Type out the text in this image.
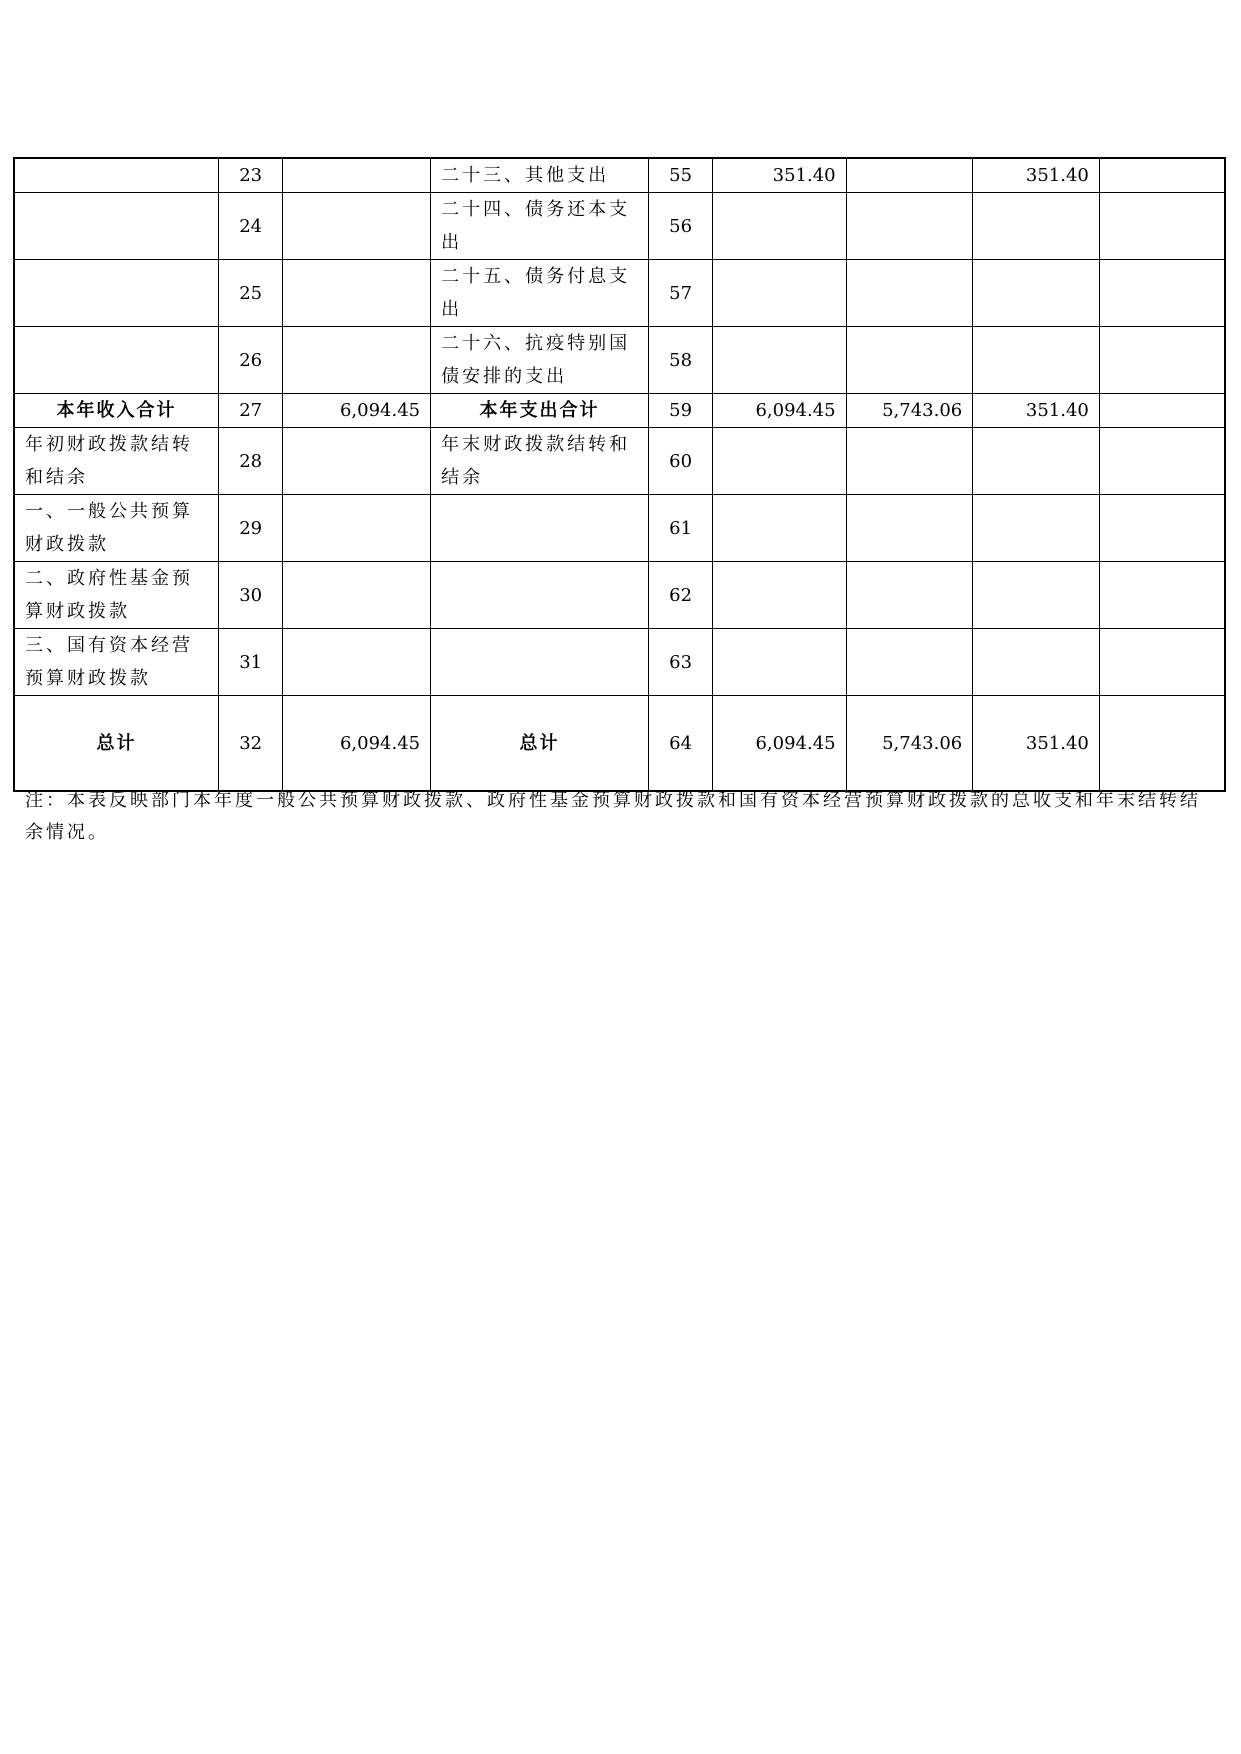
	23		二十三、其他支出	55	351.40		351.40	
	24		二十四、债务还本支出	56				
	25		二十五、债务付息支出	57				
	26		二十六、抗疫特别国债安排的支出	58				
本年收入合计	27	6,094.45	本年支出合计	59	6,094.45	5,743.06	351.40	
年初财政拨款结转和结余	28		年末财政拨款结转和结余	60				
一、一般公共预算财政拨款	29			61				
二、政府性基金预算财政拨款	30			62				
三、国有资本经营预算财政拨款	31			63				
总计	32	6,094.45	总计	64	6,094.45	5,743.06	351.40	
注：本表反映部门本年度一般公共预算财政拨款、政府性基金预算财政拨款和国有资本经营预算财政拨款的总收支和年末结转结余情况。
